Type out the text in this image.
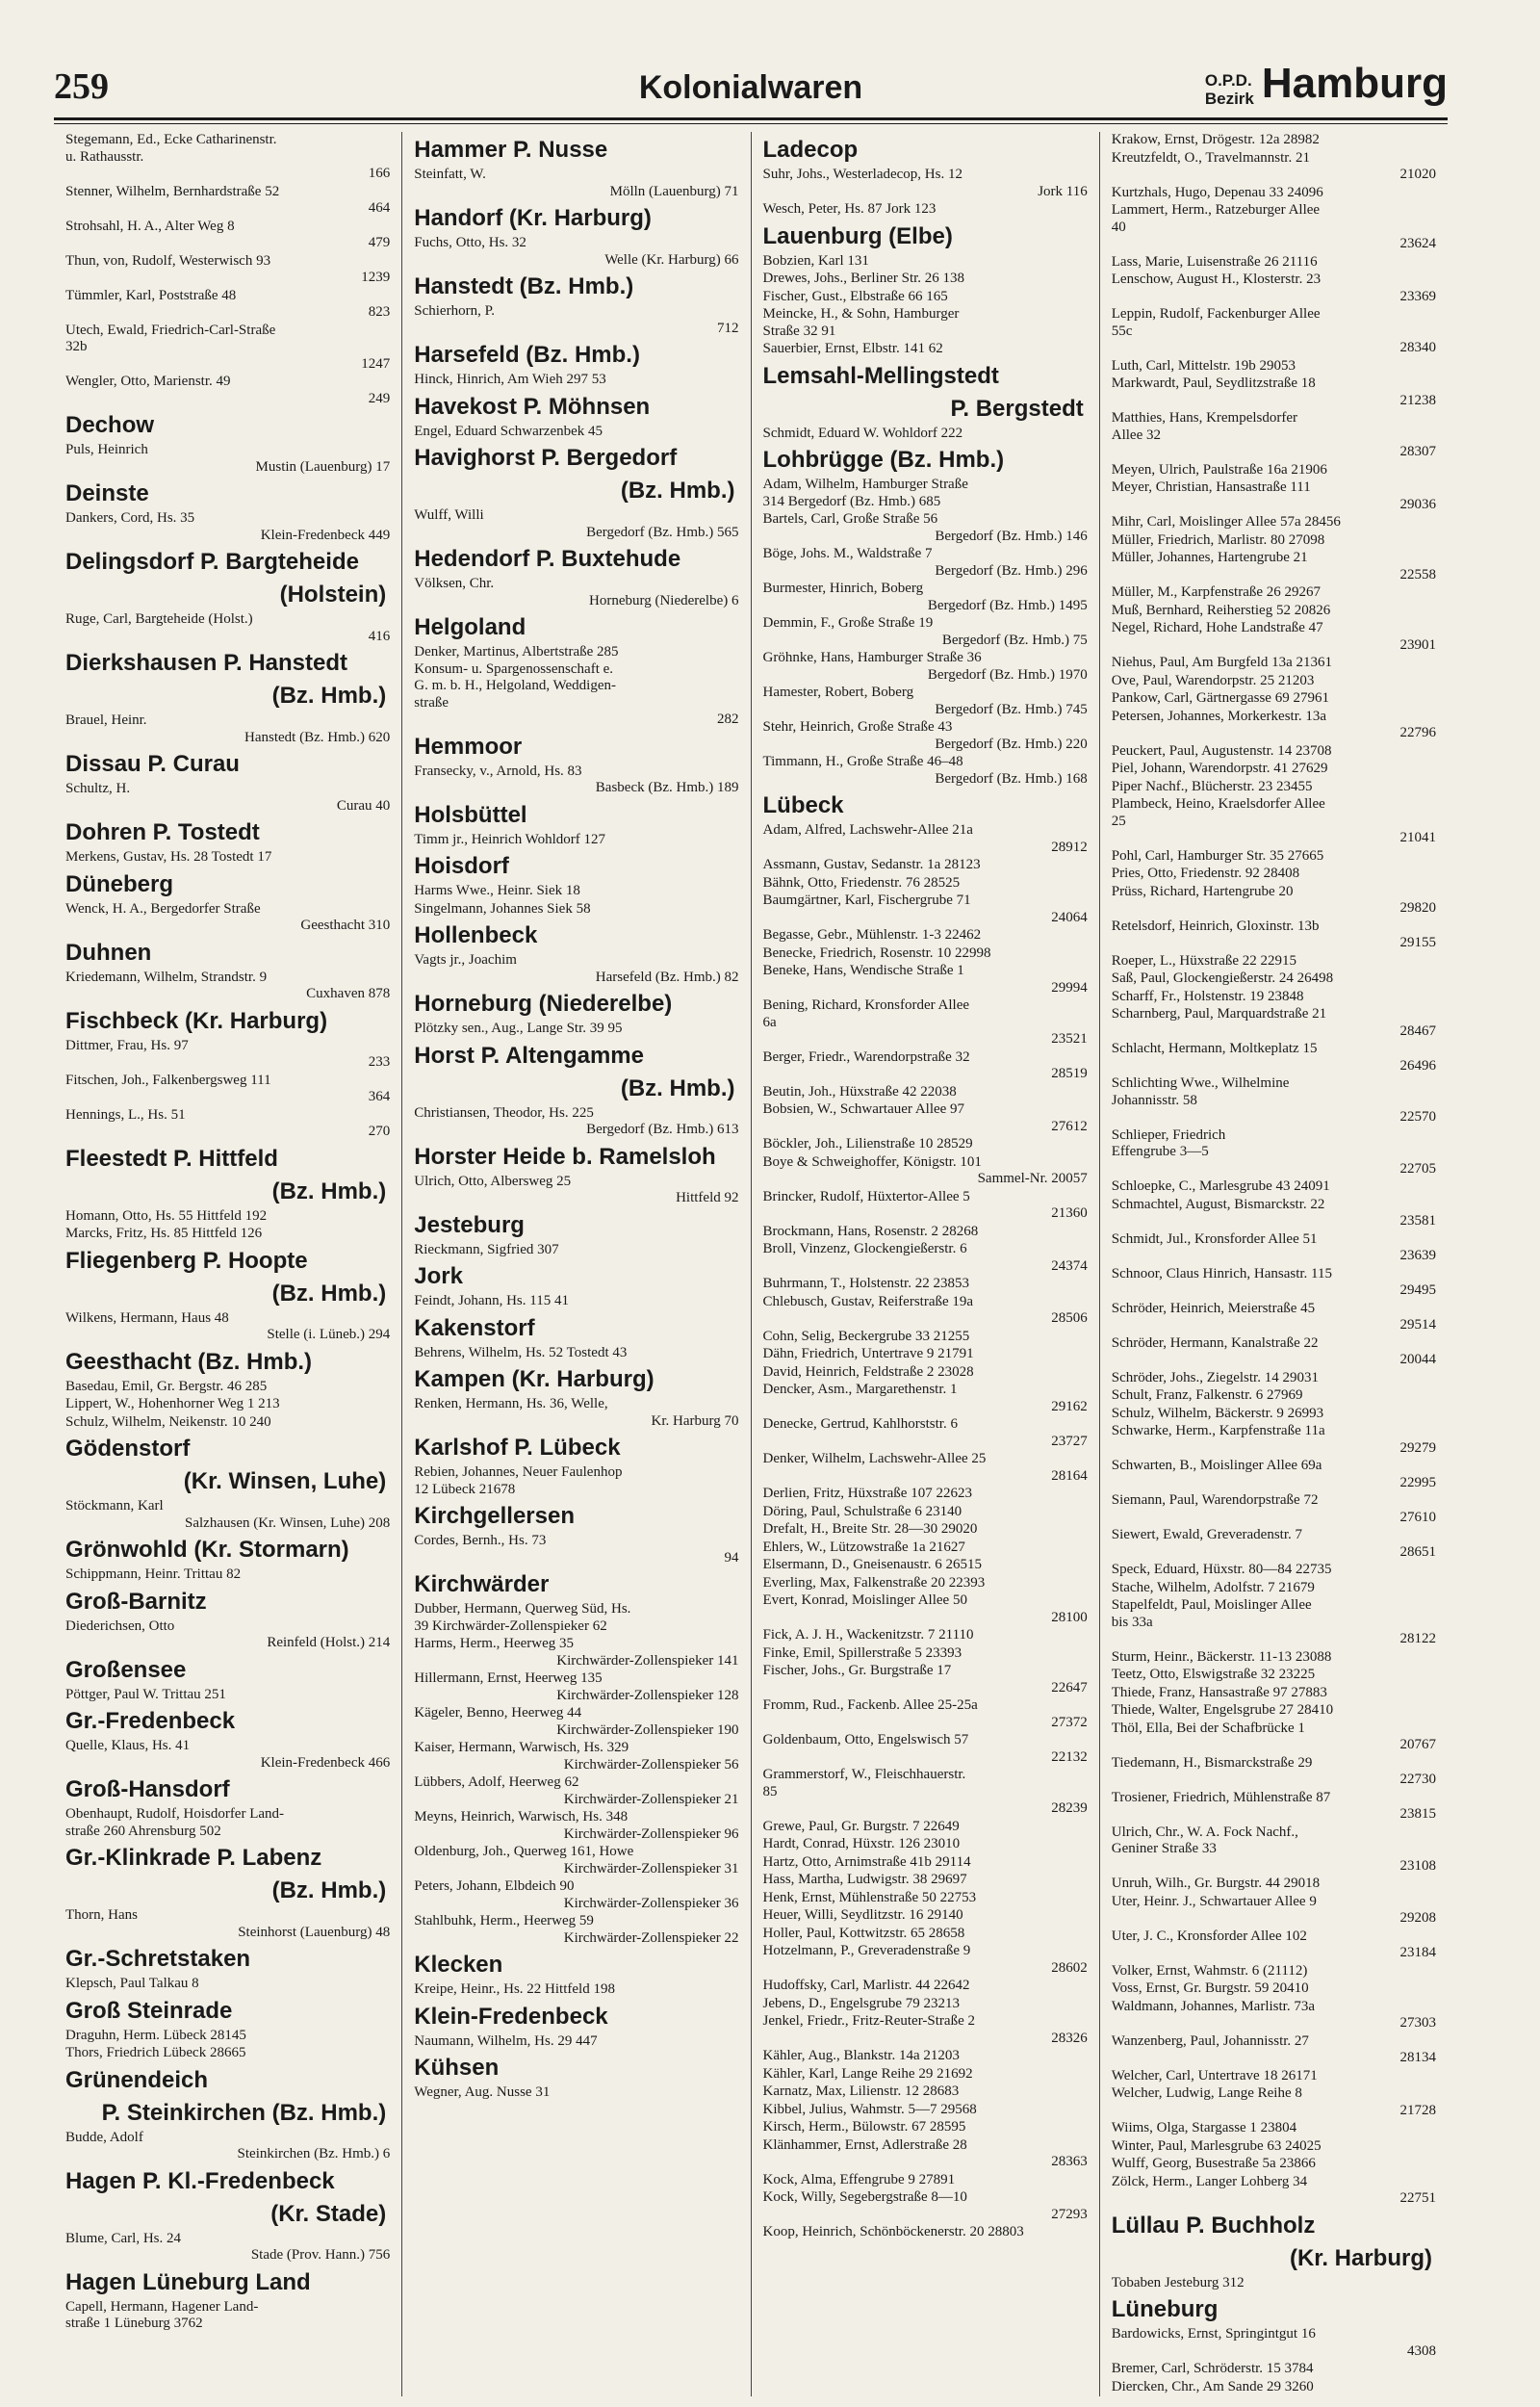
259	Kolonialwaren	O.P.D.
Bezirk Hamburg
Stegemann, Ed., Ecke Catharinenstr.
u. Rathausstr.
166
Stenner, Wilhelm, Bernhardstraße 52
464
Strohsahl, H. A., Alter Weg 8
479
Thun, von, Rudolf, Westerwisch 93
1239
Tümmler, Karl, Poststraße 48
823
Utech, Ewald, Friedrich-Carl-Straße
32b
1247
Wengler, Otto, Marienstr. 49
249
Dechow
Puls, Heinrich
Mustin (Lauenburg) 17
Deinste
Dankers, Cord, Hs. 35
Klein-Fredenbeck 449
Delingsdorf P. Bargteheide
(Holstein)
Ruge, Carl, Bargteheide (Holst.)
416
Dierkshausen P. Hanstedt
(Bz. Hmb.)
Brauel, Heinr.
Hanstedt (Bz. Hmb.) 620
Dissau P. Curau
Schultz, H.
Curau 40
Dohren P. Tostedt
Merkens, Gustav, Hs. 28 Tostedt 17
Düneberg
Wenck, H. A., Bergedorfer Straße
Geesthacht 310
Duhnen
Kriedemann, Wilhelm, Strandstr. 9
Cuxhaven 878
Fischbeck (Kr. Harburg)
Dittmer, Frau, Hs. 97
233
Fitschen, Joh., Falkenbergsweg 111
364
Hennings, L., Hs. 51
270
Fleestedt P. Hittfeld
(Bz. Hmb.)
Homann, Otto, Hs. 55 Hittfeld 192
Marcks, Fritz, Hs. 85 Hittfeld 126
Fliegenberg P. Hoopte
(Bz. Hmb.)
Wilkens, Hermann, Haus 48
Stelle (i. Lüneb.) 294
Geesthacht (Bz. Hmb.)
Basedau, Emil, Gr. Bergstr. 46 285
Lippert, W., Hohenhorner Weg 1 213
Schulz, Wilhelm, Neikenstr. 10 240
Gödenstorf
(Kr. Winsen, Luhe)
Stöckmann, Karl
Salzhausen (Kr. Winsen, Luhe) 208
Grönwohld (Kr. Stormarn)
Schippmann, Heinr. Trittau 82
Groß-Barnitz
Diederichsen, Otto
Reinfeld (Holst.) 214
Großensee
Pöttger, Paul W. Trittau 251
Gr.-Fredenbeck
Quelle, Klaus, Hs. 41
Klein-Fredenbeck 466
Groß-Hansdorf
Obenhaupt, Rudolf, Hoisdorfer Land-
straße 260 Ahrensburg 502
Gr.-Klinkrade P. Labenz
(Bz. Hmb.)
Thorn, Hans
Steinhorst (Lauenburg) 48
Gr.-Schretstaken
Klepsch, Paul Talkau 8
Groß Steinrade
Draguhn, Herm. Lübeck 28145
Thors, Friedrich Lübeck 28665
Grünendeich
P. Steinkirchen (Bz. Hmb.)
Budde, Adolf
Steinkirchen (Bz. Hmb.) 6
Hagen P. Kl.-Fredenbeck
(Kr. Stade)
Blume, Carl, Hs. 24
Stade (Prov. Hann.) 756
Hagen Lüneburg Land
Capell, Hermann, Hagener Land-
straße 1 Lüneburg 3762
Hammer P. Nusse
Steinfatt, W.
Mölln (Lauenburg) 71
Handorf (Kr. Harburg)
Fuchs, Otto, Hs. 32
Welle (Kr. Harburg) 66
Hanstedt (Bz. Hmb.)
Schierhorn, P.
712
Harsefeld (Bz. Hmb.)
Hinck, Hinrich, Am Wieh 297 53
Havekost P. Möhnsen
Engel, Eduard Schwarzenbek 45
Havighorst P. Bergedorf
(Bz. Hmb.)
Wulff, Willi
Bergedorf (Bz. Hmb.) 565
Hedendorf P. Buxtehude
Völksen, Chr.
Horneburg (Niederelbe) 6
Helgoland
Denker, Martinus, Albertstraße 285
Konsum- u. Spargenossenschaft e.
G. m. b. H., Helgoland, Weddigen-
straße
282
Hemmoor
Fransecky, v., Arnold, Hs. 83
Basbeck (Bz. Hmb.) 189
Holsbüttel
Timm jr., Heinrich Wohldorf 127
Hoisdorf
Harms Wwe., Heinr. Siek 18
Singelmann, Johannes Siek 58
Hollenbeck
Vagts jr., Joachim
Harsefeld (Bz. Hmb.) 82
Horneburg (Niederelbe)
Plötzky sen., Aug., Lange Str. 39 95
Horst P. Altengamme
(Bz. Hmb.)
Christiansen, Theodor, Hs. 225
Bergedorf (Bz. Hmb.) 613
Horster Heide b. Ramelsloh
Ulrich, Otto, Albersweg 25
Hittfeld 92
Jesteburg
Rieckmann, Sigfried 307
Jork
Feindt, Johann, Hs. 115 41
Kakenstorf
Behrens, Wilhelm, Hs. 52 Tostedt 43
Kampen (Kr. Harburg)
Renken, Hermann, Hs. 36, Welle,
Kr. Harburg 70
Karlshof P. Lübeck
Rebien, Johannes, Neuer Faulenhop
12 Lübeck 21678
Kirchgellersen
Cordes, Bernh., Hs. 73
94
Kirchwärder
Dubber, Hermann, Querweg Süd, Hs.
39 Kirchwärder-Zollenspieker 62
Harms, Herm., Heerweg 35
Kirchwärder-Zollenspieker 141
Hillermann, Ernst, Heerweg 135
Kirchwärder-Zollenspieker 128
Kägeler, Benno, Heerweg 44
Kirchwärder-Zollenspieker 190
Kaiser, Hermann, Warwisch, Hs. 329
Kirchwärder-Zollenspieker 56
Lübbers, Adolf, Heerweg 62
Kirchwärder-Zollenspieker 21
Meyns, Heinrich, Warwisch, Hs. 348
Kirchwärder-Zollenspieker 96
Oldenburg, Joh., Querweg 161, Howe
Kirchwärder-Zollenspieker 31
Peters, Johann, Elbdeich 90
Kirchwärder-Zollenspieker 36
Stahlbuhk, Herm., Heerweg 59
Kirchwärder-Zollenspieker 22
Klecken
Kreipe, Heinr., Hs. 22 Hittfeld 198
Klein-Fredenbeck
Naumann, Wilhelm, Hs. 29 447
Kühsen
Wegner, Aug. Nusse 31
Ladecop
Suhr, Johs., Westerladecop, Hs. 12
Jork 116
Wesch, Peter, Hs. 87 Jork 123
Lauenburg (Elbe)
Bobzien, Karl 131
Drewes, Johs., Berliner Str. 26 138
Fischer, Gust., Elbstraße 66 165
Meincke, H., & Sohn, Hamburger
Straße 32 91
Sauerbier, Ernst, Elbstr. 141 62
Lemsahl-Mellingstedt
P. Bergstedt
Schmidt, Eduard W. Wohldorf 222
Lohbrügge (Bz. Hmb.)
Adam, Wilhelm, Hamburger Straße
314 Bergedorf (Bz. Hmb.) 685
Bartels, Carl, Große Straße 56
Bergedorf (Bz. Hmb.) 146
Böge, Johs. M., Waldstraße 7
Bergedorf (Bz. Hmb.) 296
Burmester, Hinrich, Boberg
Bergedorf (Bz. Hmb.) 1495
Demmin, F., Große Straße 19
Bergedorf (Bz. Hmb.) 75
Gröhnke, Hans, Hamburger Straße 36
Bergedorf (Bz. Hmb.) 1970
Hamester, Robert, Boberg
Bergedorf (Bz. Hmb.) 745
Stehr, Heinrich, Große Straße 43
Bergedorf (Bz. Hmb.) 220
Timmann, H., Große Straße 46–48
Bergedorf (Bz. Hmb.) 168
Lübeck
Adam, Alfred, Lachswehr-Allee 21a
28912
Assmann, Gustav, Sedanstr. 1a 28123
Bähnk, Otto, Friedenstr. 76 28525
Baumgärtner, Karl, Fischergrube 71
24064
Begasse, Gebr., Mühlenstr. 1-3 22462
Benecke, Friedrich, Rosenstr. 10 22998
Beneke, Hans, Wendische Straße 1
29994
Bening, Richard, Kronsforder Allee
6a
23521
Berger, Friedr., Warendorpstraße 32
28519
Beutin, Joh., Hüxstraße 42 22038
Bobsien, W., Schwartauer Allee 97
27612
Böckler, Joh., Lilienstraße 10 28529
Boye & Schweighoffer, Königstr. 101
Sammel-Nr. 20057
Brincker, Rudolf, Hüxtertor-Allee 5
21360
Brockmann, Hans, Rosenstr. 2 28268
Broll, Vinzenz, Glockengießerstr. 6
24374
Buhrmann, T., Holstenstr. 22 23853
Chlebusch, Gustav, Reiferstraße 19a
28506
Cohn, Selig, Beckergrube 33 21255
Dähn, Friedrich, Untertrave 9 21791
David, Heinrich, Feldstraße 2 23028
Dencker, Asm., Margarethenstr. 1
29162
Denecke, Gertrud, Kahlhorststr. 6
23727
Denker, Wilhelm, Lachswehr-Allee 25
28164
Derlien, Fritz, Hüxstraße 107 22623
Döring, Paul, Schulstraße 6 23140
Drefalt, H., Breite Str. 28—30 29020
Ehlers, W., Lützowstraße 1a 21627
Elsermann, D., Gneisenaustr. 6 26515
Everling, Max, Falkenstraße 20 22393
Evert, Konrad, Moislinger Allee 50
28100
Fick, A. J. H., Wackenitzstr. 7 21110
Finke, Emil, Spillerstraße 5 23393
Fischer, Johs., Gr. Burgstraße 17
22647
Fromm, Rud., Fackenb. Allee 25-25a
27372
Goldenbaum, Otto, Engelswisch 57
22132
Grammerstorf, W., Fleischhauerstr.
85
28239
Grewe, Paul, Gr. Burgstr. 7 22649
Hardt, Conrad, Hüxstr. 126 23010
Hartz, Otto, Arnimstraße 41b 29114
Hass, Martha, Ludwigstr. 38 29697
Henk, Ernst, Mühlenstraße 50 22753
Heuer, Willi, Seydlitzstr. 16 29140
Holler, Paul, Kottwitzstr. 65 28658
Hotzelmann, P., Greveradenstraße 9
28602
Hudoffsky, Carl, Marlistr. 44 22642
Jebens, D., Engelsgrube 79 23213
Jenkel, Friedr., Fritz-Reuter-Straße 2
28326
Kähler, Aug., Blankstr. 14a 21203
Kähler, Karl, Lange Reihe 29 21692
Karnatz, Max, Lilienstr. 12 28683
Kibbel, Julius, Wahmstr. 5—7 29568
Kirsch, Herm., Bülowstr. 67 28595
Klänhammer, Ernst, Adlerstraße 28
28363
Kock, Alma, Effengrube 9 27891
Kock, Willy, Segebergstraße 8—10
27293
Koop, Heinrich, Schönböckenerstr. 20 28803
Krakow, Ernst, Drögestr. 12a 28982
Kreutzfeldt, O., Travelmannstr. 21
21020
Kurtzhals, Hugo, Depenau 33 24096
Lammert, Herm., Ratzeburger Allee
40
23624
Lass, Marie, Luisenstraße 26 21116
Lenschow, August H., Klosterstr. 23
23369
Leppin, Rudolf, Fackenburger Allee
55c
28340
Luth, Carl, Mittelstr. 19b 29053
Markwardt, Paul, Seydlitzstraße 18
21238
Matthies, Hans, Krempelsdorfer
Allee 32
28307
Meyen, Ulrich, Paulstraße 16a 21906
Meyer, Christian, Hansastraße 111
29036
Mihr, Carl, Moislinger Allee 57a 28456
Müller, Friedrich, Marlistr. 80 27098
Müller, Johannes, Hartengrube 21
22558
Müller, M., Karpfenstraße 26 29267
Muß, Bernhard, Reiherstieg 52 20826
Negel, Richard, Hohe Landstraße 47
23901
Niehus, Paul, Am Burgfeld 13a 21361
Ove, Paul, Warendorpstr. 25 21203
Pankow, Carl, Gärtnergasse 69 27961
Petersen, Johannes, Morkerkestr. 13a
22796
Peuckert, Paul, Augustenstr. 14 23708
Piel, Johann, Warendorpstr. 41 27629
Piper Nachf., Blücherstr. 23 23455
Plambeck, Heino, Kraelsdorfer Allee
25
21041
Pohl, Carl, Hamburger Str. 35 27665
Pries, Otto, Friedenstr. 92 28408
Prüss, Richard, Hartengrube 20
29820
Retelsdorf, Heinrich, Gloxinstr. 13b
29155
Roeper, L., Hüxstraße 22 22915
Saß, Paul, Glockengießerstr. 24 26498
Scharff, Fr., Holstenstr. 19 23848
Scharnberg, Paul, Marquardstraße 21
28467
Schlacht, Hermann, Moltkeplatz 15
26496
Schlichting Wwe., Wilhelmine
Johannisstr. 58
22570
Schlieper, Friedrich
Effengrube 3—5
22705
Schloepke, C., Marlesgrube 43 24091
Schmachtel, August, Bismarckstr. 22
23581
Schmidt, Jul., Kronsforder Allee 51
23639
Schnoor, Claus Hinrich, Hansastr. 115
29495
Schröder, Heinrich, Meierstraße 45
29514
Schröder, Hermann, Kanalstraße 22
20044
Schröder, Johs., Ziegelstr. 14 29031
Schult, Franz, Falkenstr. 6 27969
Schulz, Wilhelm, Bäckerstr. 9 26993
Schwarke, Herm., Karpfenstraße 11a
29279
Schwarten, B., Moislinger Allee 69a
22995
Siemann, Paul, Warendorpstraße 72
27610
Siewert, Ewald, Greveradenstr. 7
28651
Speck, Eduard, Hüxstr. 80—84 22735
Stache, Wilhelm, Adolfstr. 7 21679
Stapelfeldt, Paul, Moislinger Allee
bis 33a
28122
Sturm, Heinr., Bäckerstr. 11-13 23088
Teetz, Otto, Elswigstraße 32 23225
Thiede, Franz, Hansastraße 97 27883
Thiede, Walter, Engelsgrube 27 28410
Thöl, Ella, Bei der Schafbrücke 1
20767
Tiedemann, H., Bismarckstraße 29
22730
Trosiener, Friedrich, Mühlenstraße 87
23815
Ulrich, Chr., W. A. Fock Nachf.,
Geniner Straße 33
23108
Unruh, Wilh., Gr. Burgstr. 44 29018
Uter, Heinr. J., Schwartauer Allee 9
29208
Uter, J. C., Kronsforder Allee 102
23184
Volker, Ernst, Wahmstr. 6 (21112)
Voss, Ernst, Gr. Burgstr. 59 20410
Waldmann, Johannes, Marlistr. 73a
27303
Wanzenberg, Paul, Johannisstr. 27
28134
Welcher, Carl, Untertrave 18 26171
Welcher, Ludwig, Lange Reihe 8
21728
Wiims, Olga, Stargasse 1 23804
Winter, Paul, Marlesgrube 63 24025
Wulff, Georg, Busestraße 5a 23866
Zölck, Herm., Langer Lohberg 34
22751
Lüllau P. Buchholz
(Kr. Harburg)
Tobaben Jesteburg 312
Lüneburg
Bardowicks, Ernst, Springintgut 16
4308
Bremer, Carl, Schröderstr. 15 3784
Diercken, Chr., Am Sande 29 3260
